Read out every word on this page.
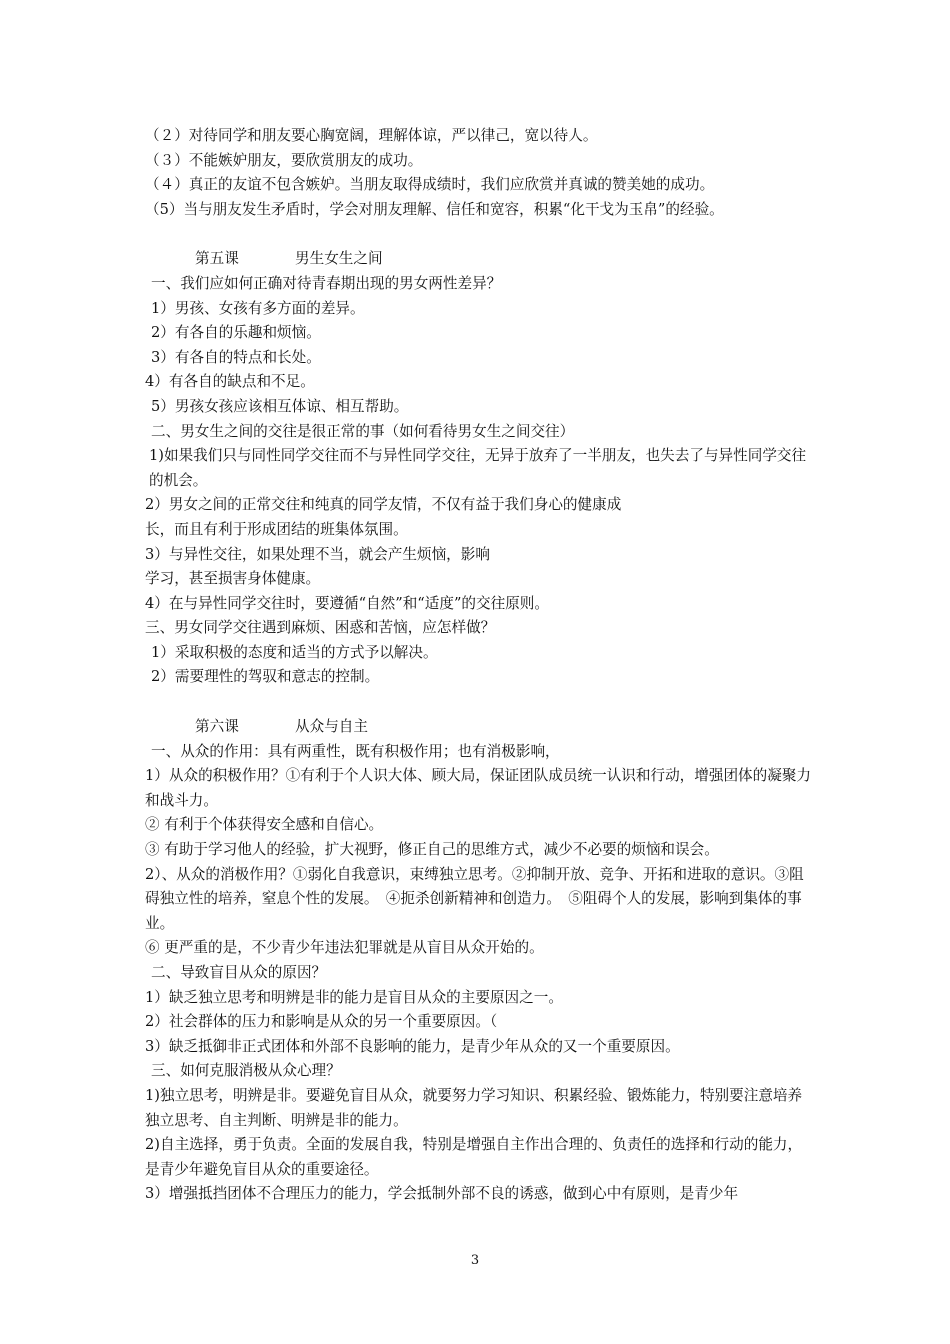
（２）对待同学和朋友要心胸宽阔，理解体谅，严以律己，宽以待人。

（３）不能嫉妒朋友，要欣赏朋友的成功。

（４）真正的友谊不包含嫉妒。当朋友取得成绩时，我们应欣赏并真诚的赞美她的成功。

（5）当与朋友发生矛盾时，学会对朋友理解、信任和宽容，积累“化干戈为玉帛”的经验。

第五课	男生女生之间

一、我们应如何正确对待青春期出现的男女两性差异？

1）男孩、女孩有多方面的差异。

2）有各自的乐趣和烦恼。

3）有各自的特点和长处。

4）有各自的缺点和不足。

5）男孩女孩应该相互体谅、相互帮助。

二、男女生之间的交往是很正常的事（如何看待男女生之间交往）

1)如果我们只与同性同学交往而不与异性同学交往，无异于放弃了一半朋友，也失去了与异性同学交往的机会。

2）男女之间的正常交往和纯真的同学友情，不仅有益于我们身心的健康成

长，而且有利于形成团结的班集体氛围。

3）与异性交往，如果处理不当，就会产生烦恼，影响

学习，甚至损害身体健康。

4）在与异性同学交往时，要遵循“自然”和“适度”的交往原则。

三、男女同学交往遇到麻烦、困惑和苦恼，应怎样做？

1）采取积极的态度和适当的方式予以解决。

2）需要理性的驾驭和意志的控制。

第六课	从众与自主

一、从众的作用：具有两重性，既有积极作用；也有消极影响，

1）从众的积极作用？①有利于个人识大体、顾大局，保证团队成员统一认识和行动，增强团体的凝聚力和战斗力。

② 有利于个体获得安全感和自信心。

③ 有助于学习他人的经验，扩大视野，修正自己的思维方式，减少不必要的烦恼和误会。

2）、从众的消极作用？①弱化自我意识，束缚独立思考。②抑制开放、竞争、开拓和进取的意识。③阻碍独立性的培养，窒息个性的发展。　④扼杀创新精神和创造力。　⑤阻碍个人的发展，影响到集体的事业。

⑥ 更严重的是，不少青少年违法犯罪就是从盲目从众开始的。

二、导致盲目从众的原因？

1）缺乏独立思考和明辨是非的能力是盲目从众的主要原因之一。

2）社会群体的压力和影响是从众的另一个重要原因。（

3）缺乏抵御非正式团体和外部不良影响的能力，是青少年从众的又一个重要原因。

三、如何克服消极从众心理？

1)独立思考，明辨是非。要避免盲目从众，就要努力学习知识、积累经验、锻炼能力，特别要注意培养独立思考、自主判断、明辨是非的能力。

2)自主选择，勇于负责。全面的发展自我，特别是增强自主作出合理的、负责任的选择和行动的能力，是青少年避免盲目从众的重要途径。

3）增强抵挡团体不合理压力的能力，学会抵制外部不良的诱惑，做到心中有原则，是青少年

3
